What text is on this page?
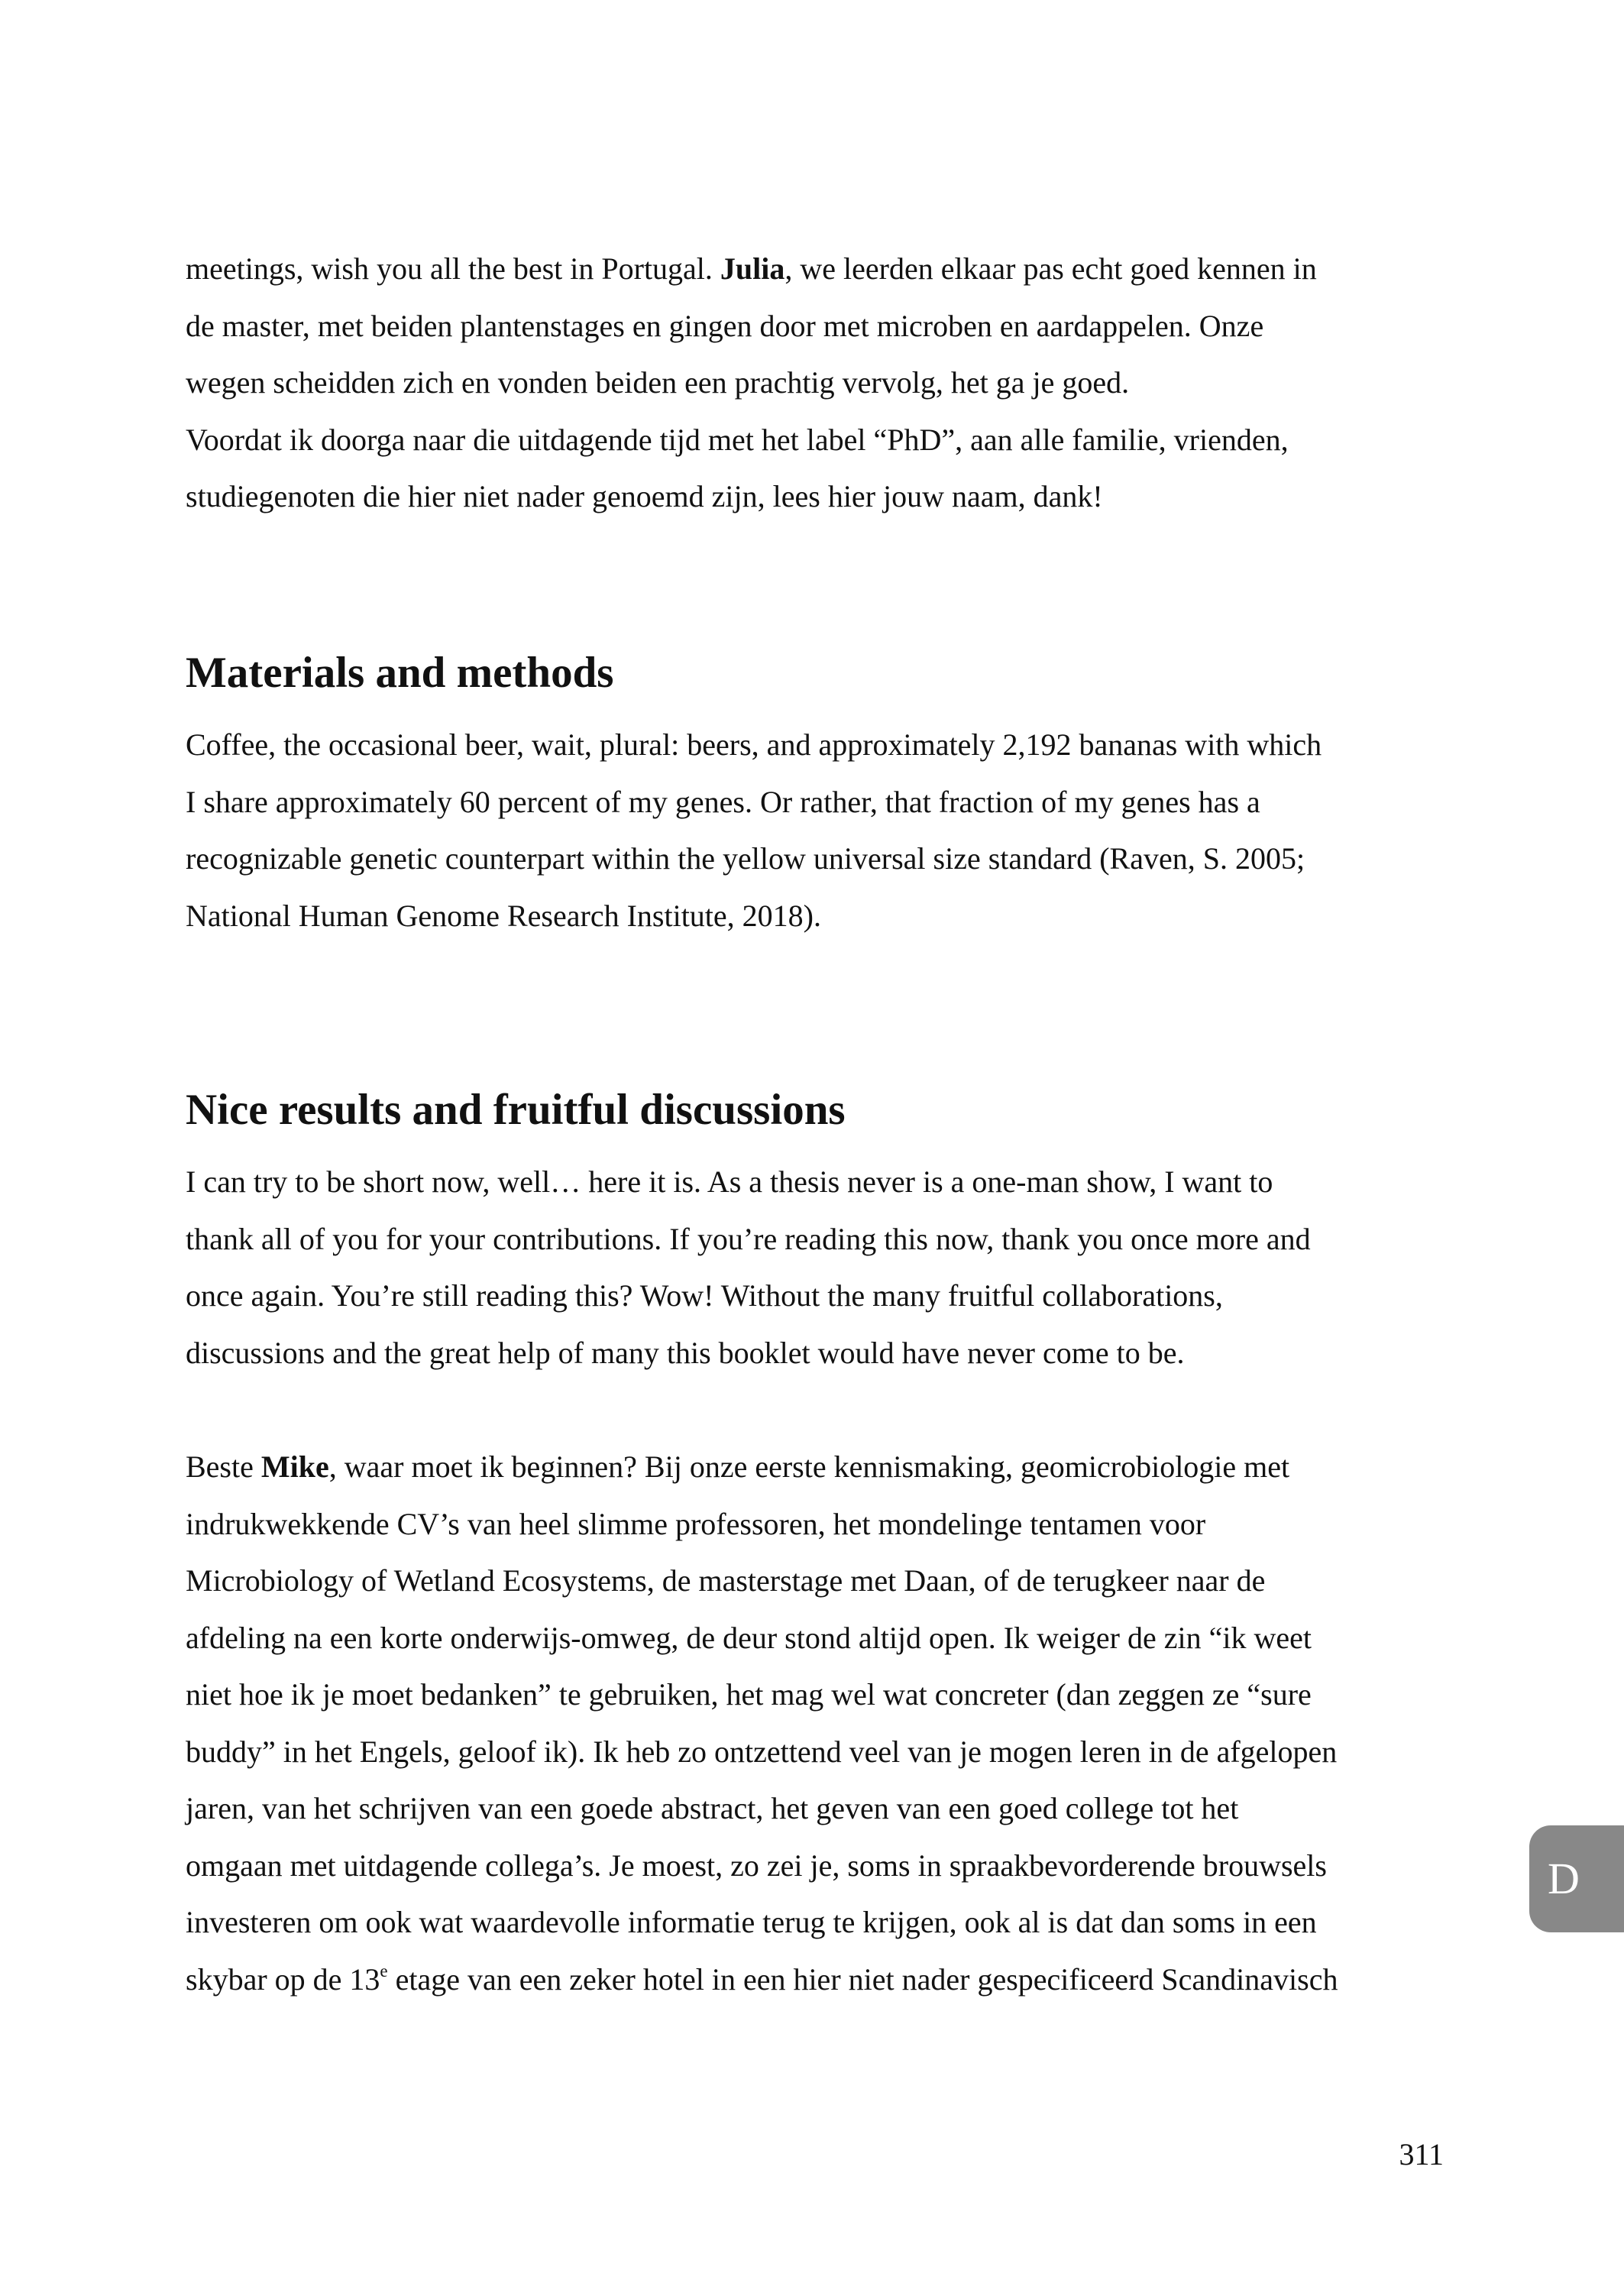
meetings, wish you all the best in Portugal. Julia, we leerden elkaar pas echt goed kennen in
de master, met beiden plantenstages en gingen door met microben en aardappelen. Onze
wegen scheidden zich en vonden beiden een prachtig vervolg, het ga je goed.
Voordat ik doorga naar die uitdagende tijd met het label “PhD”, aan alle familie, vrienden,
studiegenoten die hier niet nader genoemd zijn, lees hier jouw naam, dank!

Materials and methods

Coffee, the occasional beer, wait, plural: beers, and approximately 2,192 bananas with which
I share approximately 60 percent of my genes. Or rather, that fraction of my genes has a
recognizable genetic counterpart within the yellow universal size standard (Raven, S. 2005;
National Human Genome Research Institute, 2018).

Nice results and fruitful discussions

I can try to be short now, well… here it is. As a thesis never is a one-man show, I want to
thank all of you for your contributions. If you’re reading this now, thank you once more and
once again. You’re still reading this? Wow! Without the many fruitful collaborations,
discussions and the great help of many this booklet would have never come to be.

Beste Mike, waar moet ik beginnen? Bij onze eerste kennismaking, geomicrobiologie met
indrukwekkende CV’s van heel slimme professoren, het mondelinge tentamen voor
Microbiology of Wetland Ecosystems, de masterstage met Daan, of de terugkeer naar de
afdeling na een korte onderwijs-omweg, de deur stond altijd open. Ik weiger de zin “ik weet
niet hoe ik je moet bedanken” te gebruiken, het mag wel wat concreter (dan zeggen ze “sure
buddy” in het Engels, geloof ik). Ik heb zo ontzettend veel van je mogen leren in de afgelopen
jaren, van het schrijven van een goede abstract, het geven van een goed college tot het
omgaan met uitdagende collega’s. Je moest, zo zei je, soms in spraakbevorderende brouwsels
investeren om ook wat waardevolle informatie terug te krijgen, ook al is dat dan soms in een
skybar op de 13e etage van een zeker hotel in een hier niet nader gespecificeerd Scandinavisch

D
311
